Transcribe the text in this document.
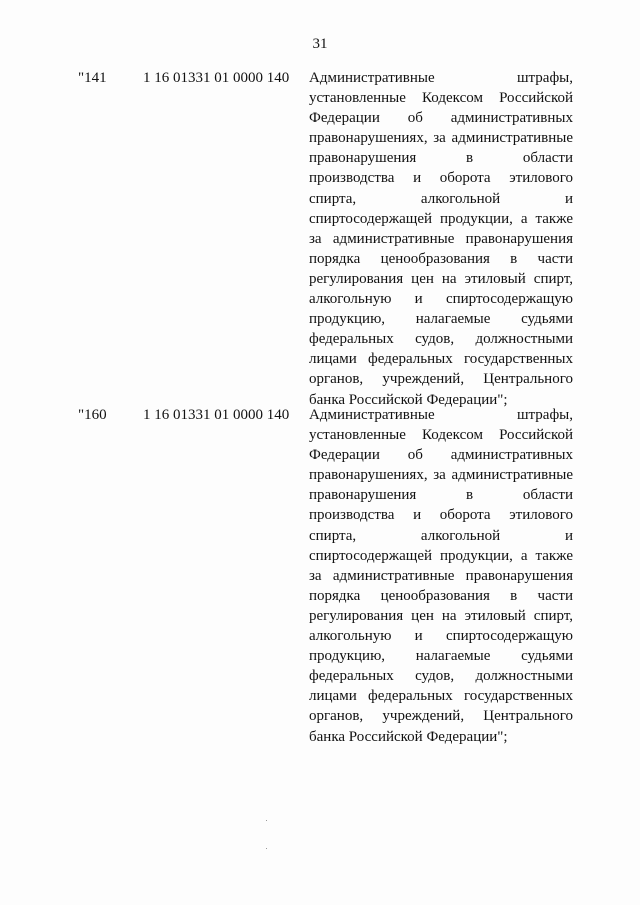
31
"141 1 16 01331 01 0000 140 Административные штрафы,
установленные Кодексом Российской
Федерации об административных
правонарушениях, за административные
правонарушения в области
производства и оборота этилового
спирта, алкогольной и
спиртосодержащей продукции, а также
за административные правонарушения
порядка ценообразования в части
регулирования цен на этиловый спирт,
алкогольную и спиртосодержащую
продукцию, налагаемые судьями
федеральных судов, должностными
лицами федеральных государственных
органов, учреждений, Центрального
банка Российской Федерации";
"160 1 16 01331 01 0000 140 Административные штрафы,
установленные Кодексом Российской
Федерации об административных
правонарушениях, за административные
правонарушения в области
производства и оборота этилового
спирта, алкогольной и
спиртосодержащей продукции, а также
за административные правонарушения
порядка ценообразования в части
регулирования цен на этиловый спирт,
алкогольную и спиртосодержащую
продукцию, налагаемые судьями
федеральных судов, должностными
лицами федеральных государственных
органов, учреждений, Центрального
банка Российской Федерации";
